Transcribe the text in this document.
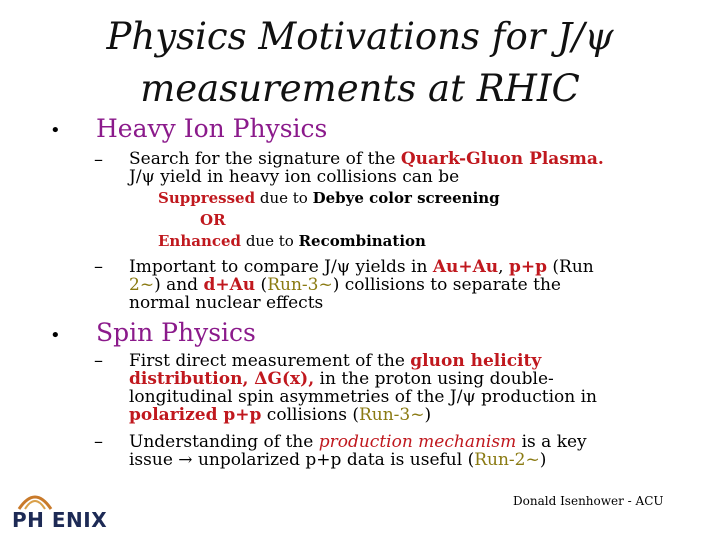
Physics Motivations for J/ψ
measurements at RHIC
• Heavy Ion Physics
– Search for the signature of the Quark-Gluon Plasma.
J/ψ yield in heavy ion collisions can be
Suppressed due to Debye color screening
OR
Enhanced due to Recombination
– Important to compare J/ψ yields in Au+Au, p+p (Run
2~) and d+Au (Run-3~) collisions to separate the
normal nuclear effects
• Spin Physics
– First direct measurement of the gluon helicity
distribution, ΔG(x), in the proton using double-
longitudinal spin asymmetries of the J/ψ production in
polarized p+p collisions (Run-3~)
– Understanding of the production mechanism is a key
issue → unpolarized p+p data is useful (Run-2~)
Donald Isenhower - ACU
PH ENIX
